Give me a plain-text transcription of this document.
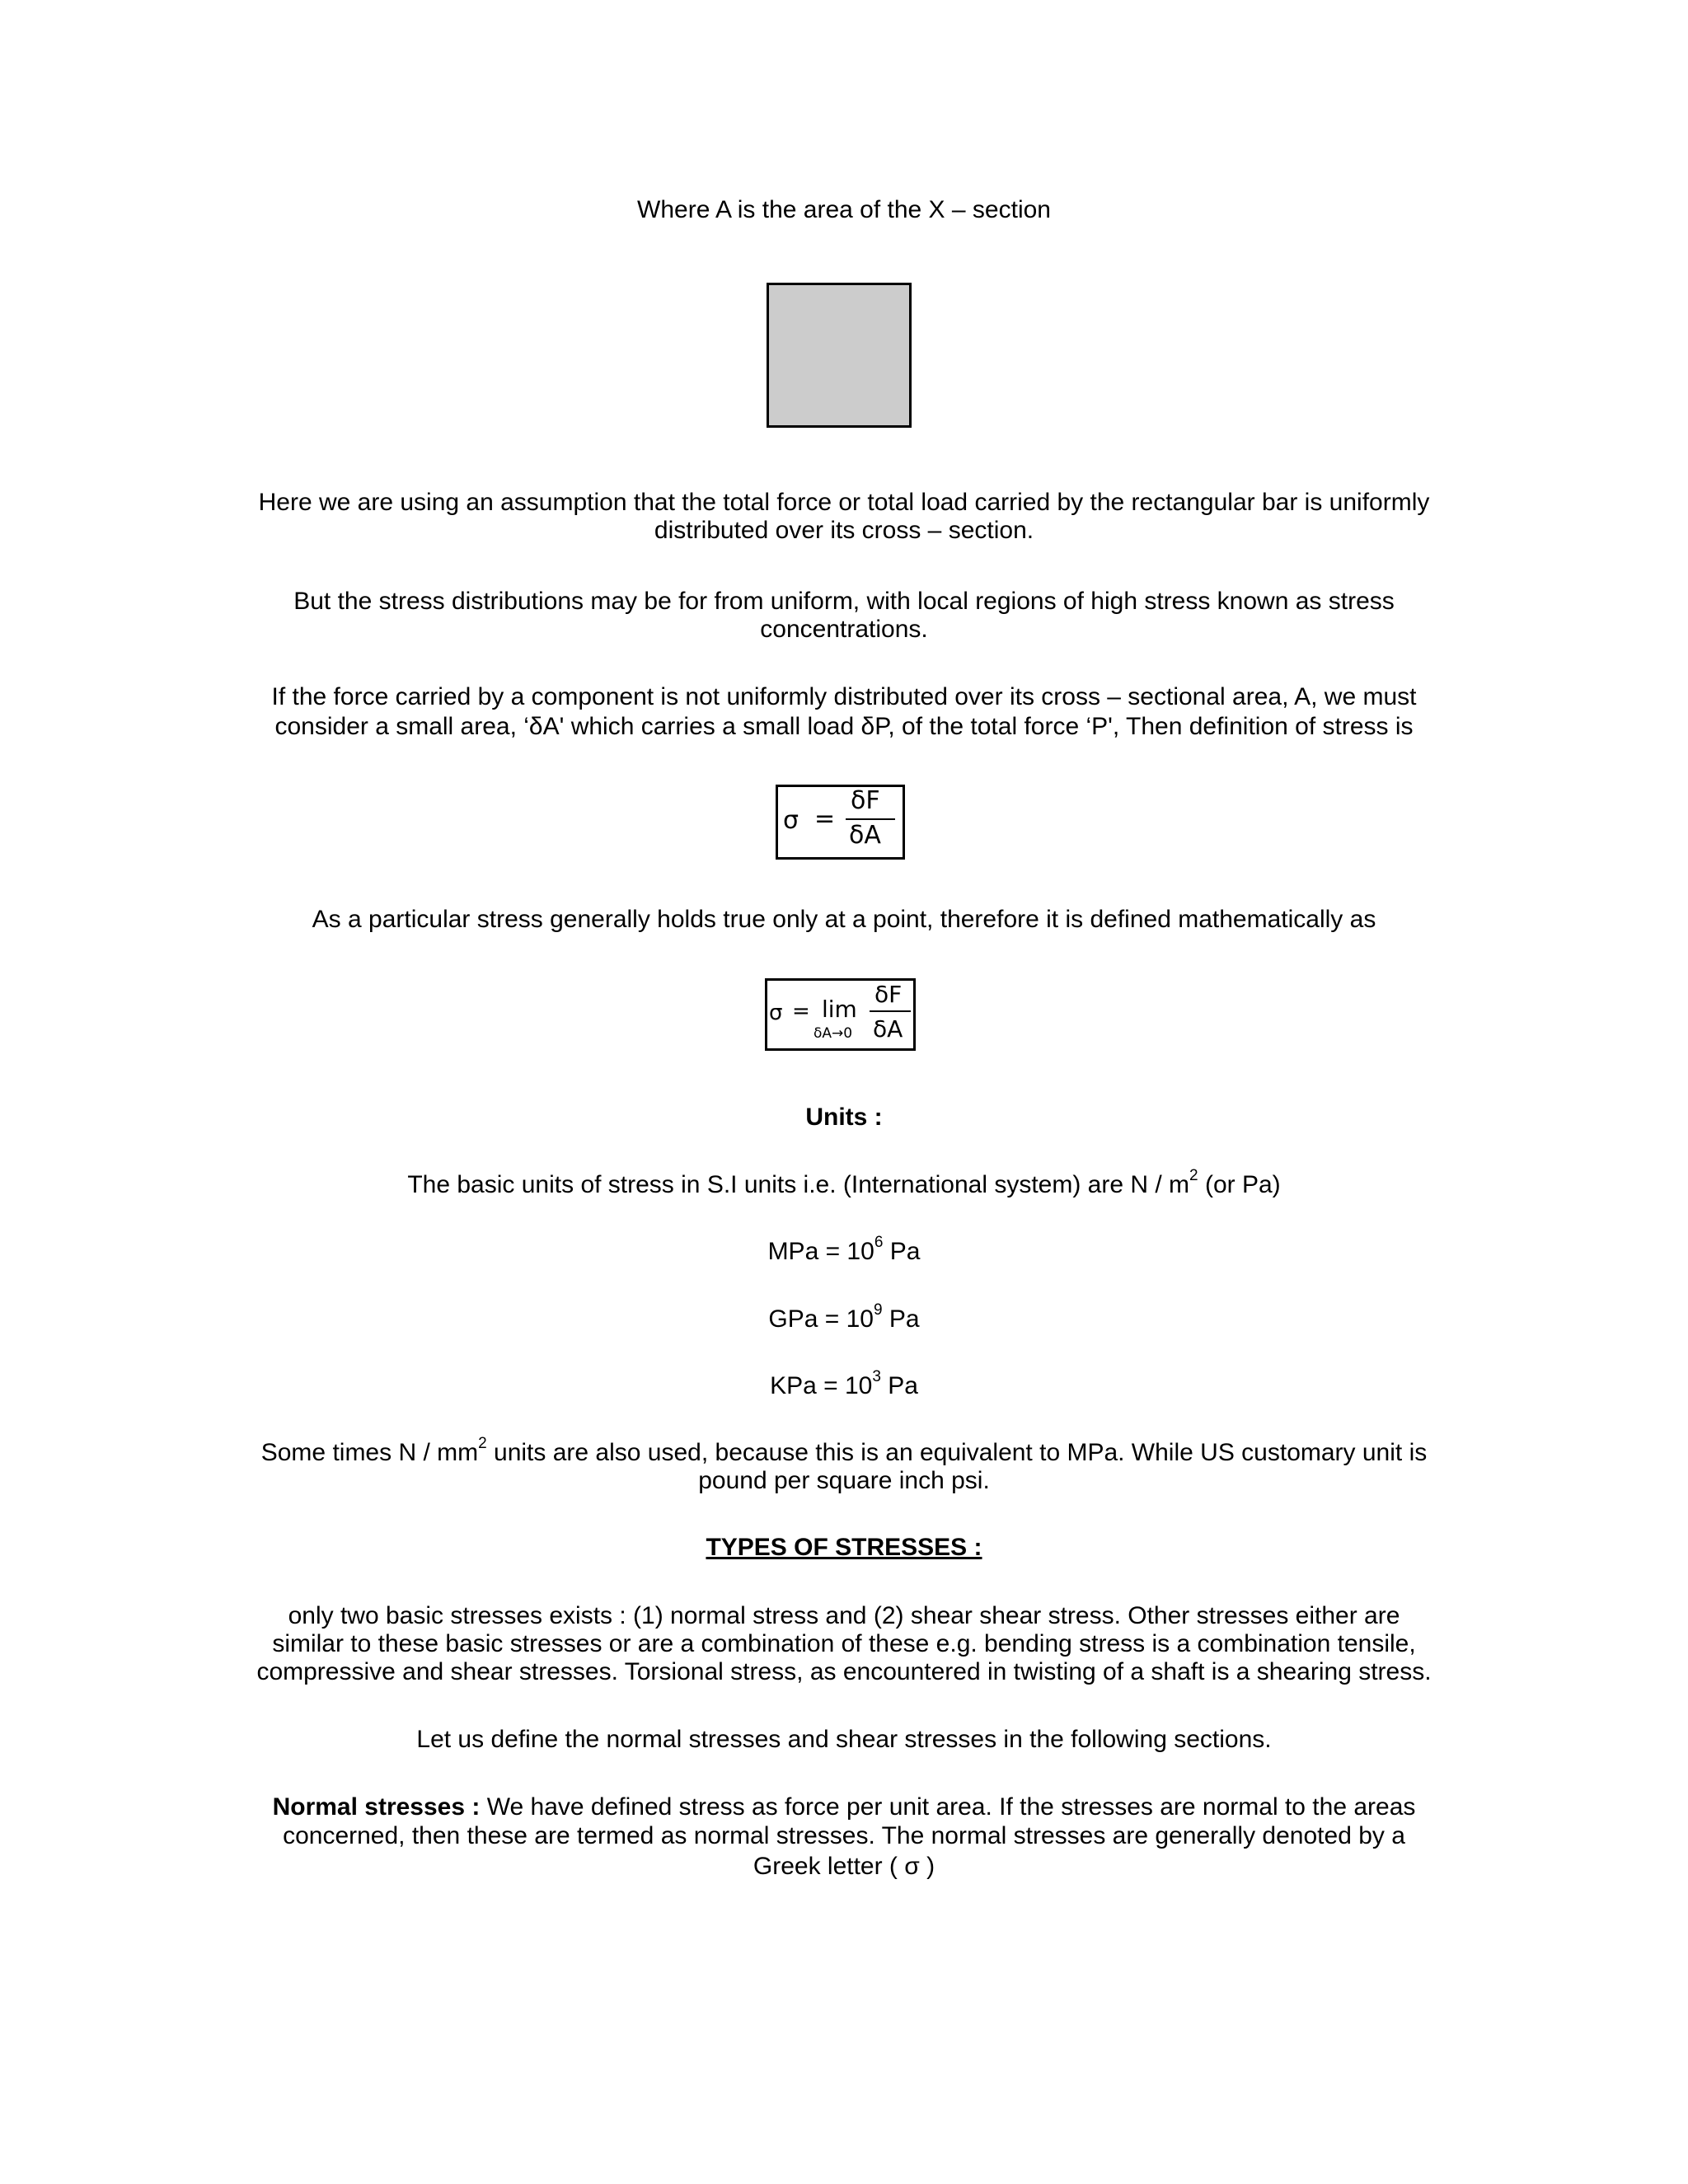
Where A is the area of the X – section
Here we are using an assumption that the total force or total load carried by the rectangular bar is uniformly
distributed over its cross – section.
But the stress distributions may be for from uniform, with local regions of high stress known as stress
concentrations.
If the force carried by a component is not uniformly distributed over its cross – sectional area, A, we must
consider a small area, ‘δA' which carries a small load δP, of the total force ‘P', Then definition of stress is
σ =
δF
δA
As a particular stress generally holds true only at a point, therefore it is defined mathematically as
σ = lim
δA→0
δF
δA
Units :
The basic units of stress in S.I units i.e. (International system) are N / $m^2$ (or Pa)
MPa = $10^6$ Pa
GPa = $10^9$ Pa
KPa = $10^3$ Pa
Some times N / $mm^2$ units are also used, because this is an equivalent to MPa. While US customary unit is
pound per square inch psi.
TYPES OF STRESSES :
only two basic stresses exists : (1) normal stress and (2) shear shear stress. Other stresses either are
similar to these basic stresses or are a combination of these e.g. bending stress is a combination tensile,
compressive and shear stresses. Torsional stress, as encountered in twisting of a shaft is a shearing stress.
Let us define the normal stresses and shear stresses in the following sections.
Normal stresses : We have defined stress as force per unit area. If the stresses are normal to the areas
concerned, then these are termed as normal stresses. The normal stresses are generally denoted by a
Greek letter ( σ )
